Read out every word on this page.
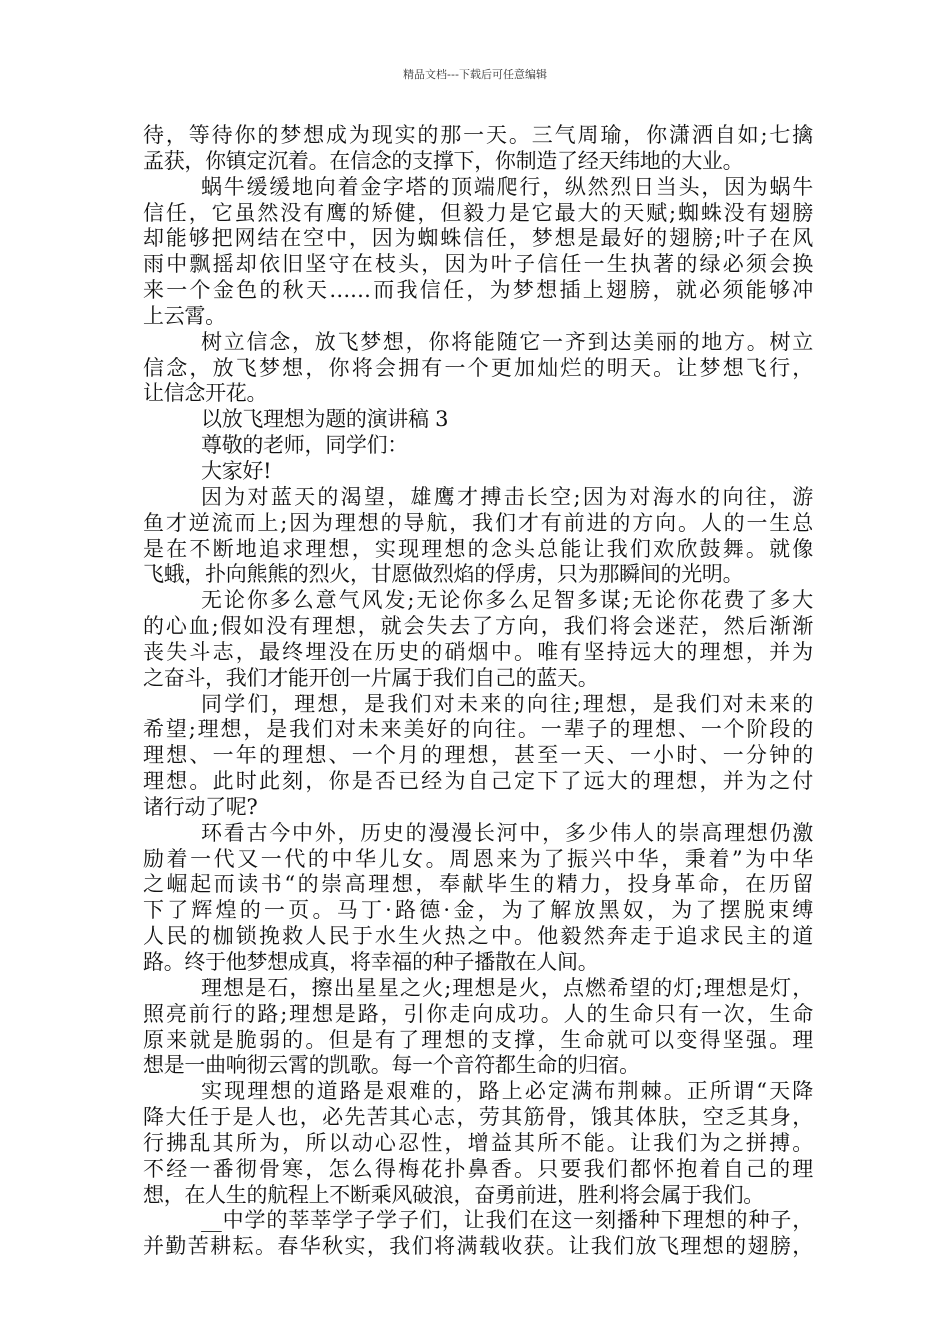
精品文档---下载后可任意编辑
待，等待你的梦想成为现实的那一天。三气周瑜，你潇洒自如;七擒
孟获，你镇定沉着。在信念的支撑下，你制造了经天纬地的大业。
蜗牛缓缓地向着金字塔的顶端爬行，纵然烈日当头，因为蜗牛
信任，它虽然没有鹰的矫健，但毅力是它最大的天赋;蜘蛛没有翅膀
却能够把网结在空中，因为蜘蛛信任，梦想是最好的翅膀;叶子在风
雨中飘摇却依旧坚守在枝头，因为叶子信任一生执著的绿必须会换
来一个金色的秋天……而我信任，为梦想插上翅膀，就必须能够冲
上云霄。
树立信念，放飞梦想，你将能随它一齐到达美丽的地方。树立
信念，放飞梦想，你将会拥有一个更加灿烂的明天。让梦想飞行，
让信念开花。
以放飞理想为题的演讲稿 3
尊敬的老师，同学们：
大家好!
因为对蓝天的渴望，雄鹰才搏击长空;因为对海水的向往，游
鱼才逆流而上;因为理想的导航，我们才有前进的方向。人的一生总
是在不断地追求理想，实现理想的念头总能让我们欢欣鼓舞。就像
飞蛾，扑向熊熊的烈火，甘愿做烈焰的俘虏，只为那瞬间的光明。
无论你多么意气风发;无论你多么足智多谋;无论你花费了多大
的心血;假如没有理想，就会失去了方向，我们将会迷茫，然后渐渐
丧失斗志，最终埋没在历史的硝烟中。唯有坚持远大的理想，并为
之奋斗，我们才能开创一片属于我们自己的蓝天。
同学们，理想，是我们对未来的向往;理想，是我们对未来的
希望;理想，是我们对未来美好的向往。一辈子的理想、一个阶段的
理想、一年的理想、一个月的理想，甚至一天、一小时、一分钟的
理想。此时此刻，你是否已经为自己定下了远大的理想，并为之付
诸行动了呢?
环看古今中外，历史的漫漫长河中，多少伟人的崇高理想仍激
励着一代又一代的中华儿女。周恩来为了振兴中华，秉着”为中华
之崛起而读书“的崇高理想，奉献毕生的精力，投身革命，在历留
下了辉煌的一页。马丁·路德·金，为了解放黑奴，为了摆脱束缚
人民的枷锁挽救人民于水生火热之中。他毅然奔走于追求民主的道
路。终于他梦想成真，将幸福的种子播散在人间。
理想是石，擦出星星之火;理想是火，点燃希望的灯;理想是灯，
照亮前行的路;理想是路，引你走向成功。人的生命只有一次，生命
原来就是脆弱的。但是有了理想的支撑，生命就可以变得坚强。理
想是一曲响彻云霄的凯歌。每一个音符都生命的归宿。
实现理想的道路是艰难的，路上必定满布荆棘。正所谓“天降
降大任于是人也，必先苦其心志，劳其筋骨，饿其体肤，空乏其身，
行拂乱其所为，所以动心忍性，增益其所不能。让我们为之拼搏。
不经一番彻骨寒，怎么得梅花扑鼻香。只要我们都怀抱着自己的理
想，在人生的航程上不断乘风破浪，奋勇前进，胜利将会属于我们。
__中学的莘莘学子学子们，让我们在这一刻播种下理想的种子，
并勤苦耕耘。春华秋实，我们将满载收获。让我们放飞理想的翅膀，
